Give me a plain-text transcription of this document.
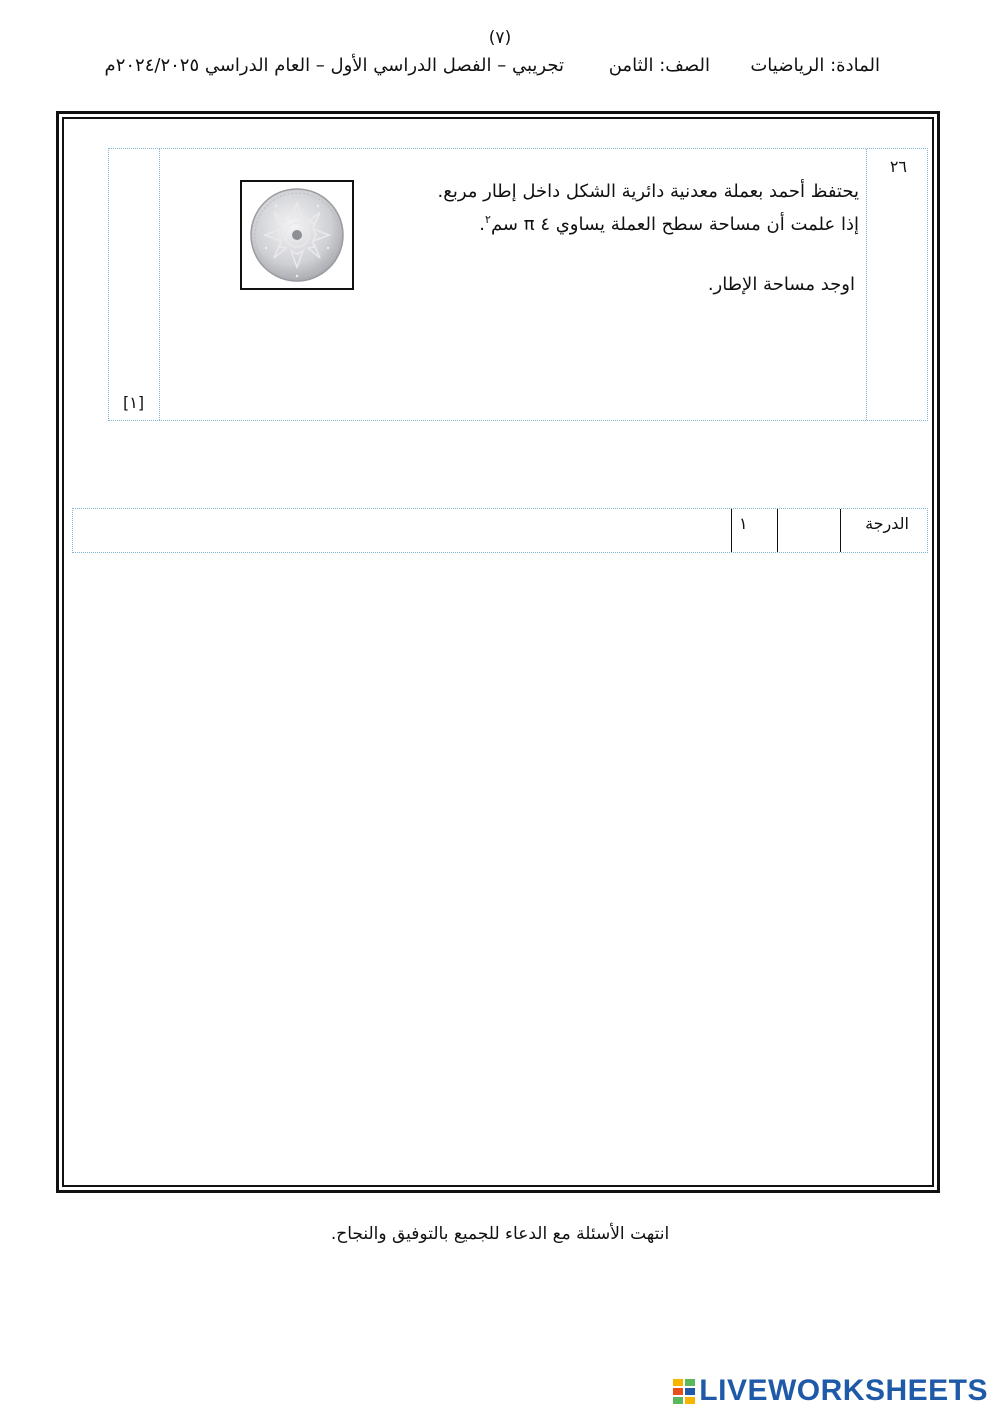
(٧)
المادة: الرياضيات
الصف: الثامن
تجريبي – الفصل الدراسي الأول – العام الدراسي ٢٠٢٤/٢٠٢٥م
٢٦
يحتفظ أحمد بعملة معدنية دائرية الشكل داخل إطار مربع.
إذا علمت أن مساحة سطح العملة يساوي ٤ π سم$^٢$.
اوجد مساحة الإطار.
[١]
الدرجة
١
انتهت الأسئلة مع الدعاء للجميع بالتوفيق والنجاح.
LIVEWORKSHEETS
